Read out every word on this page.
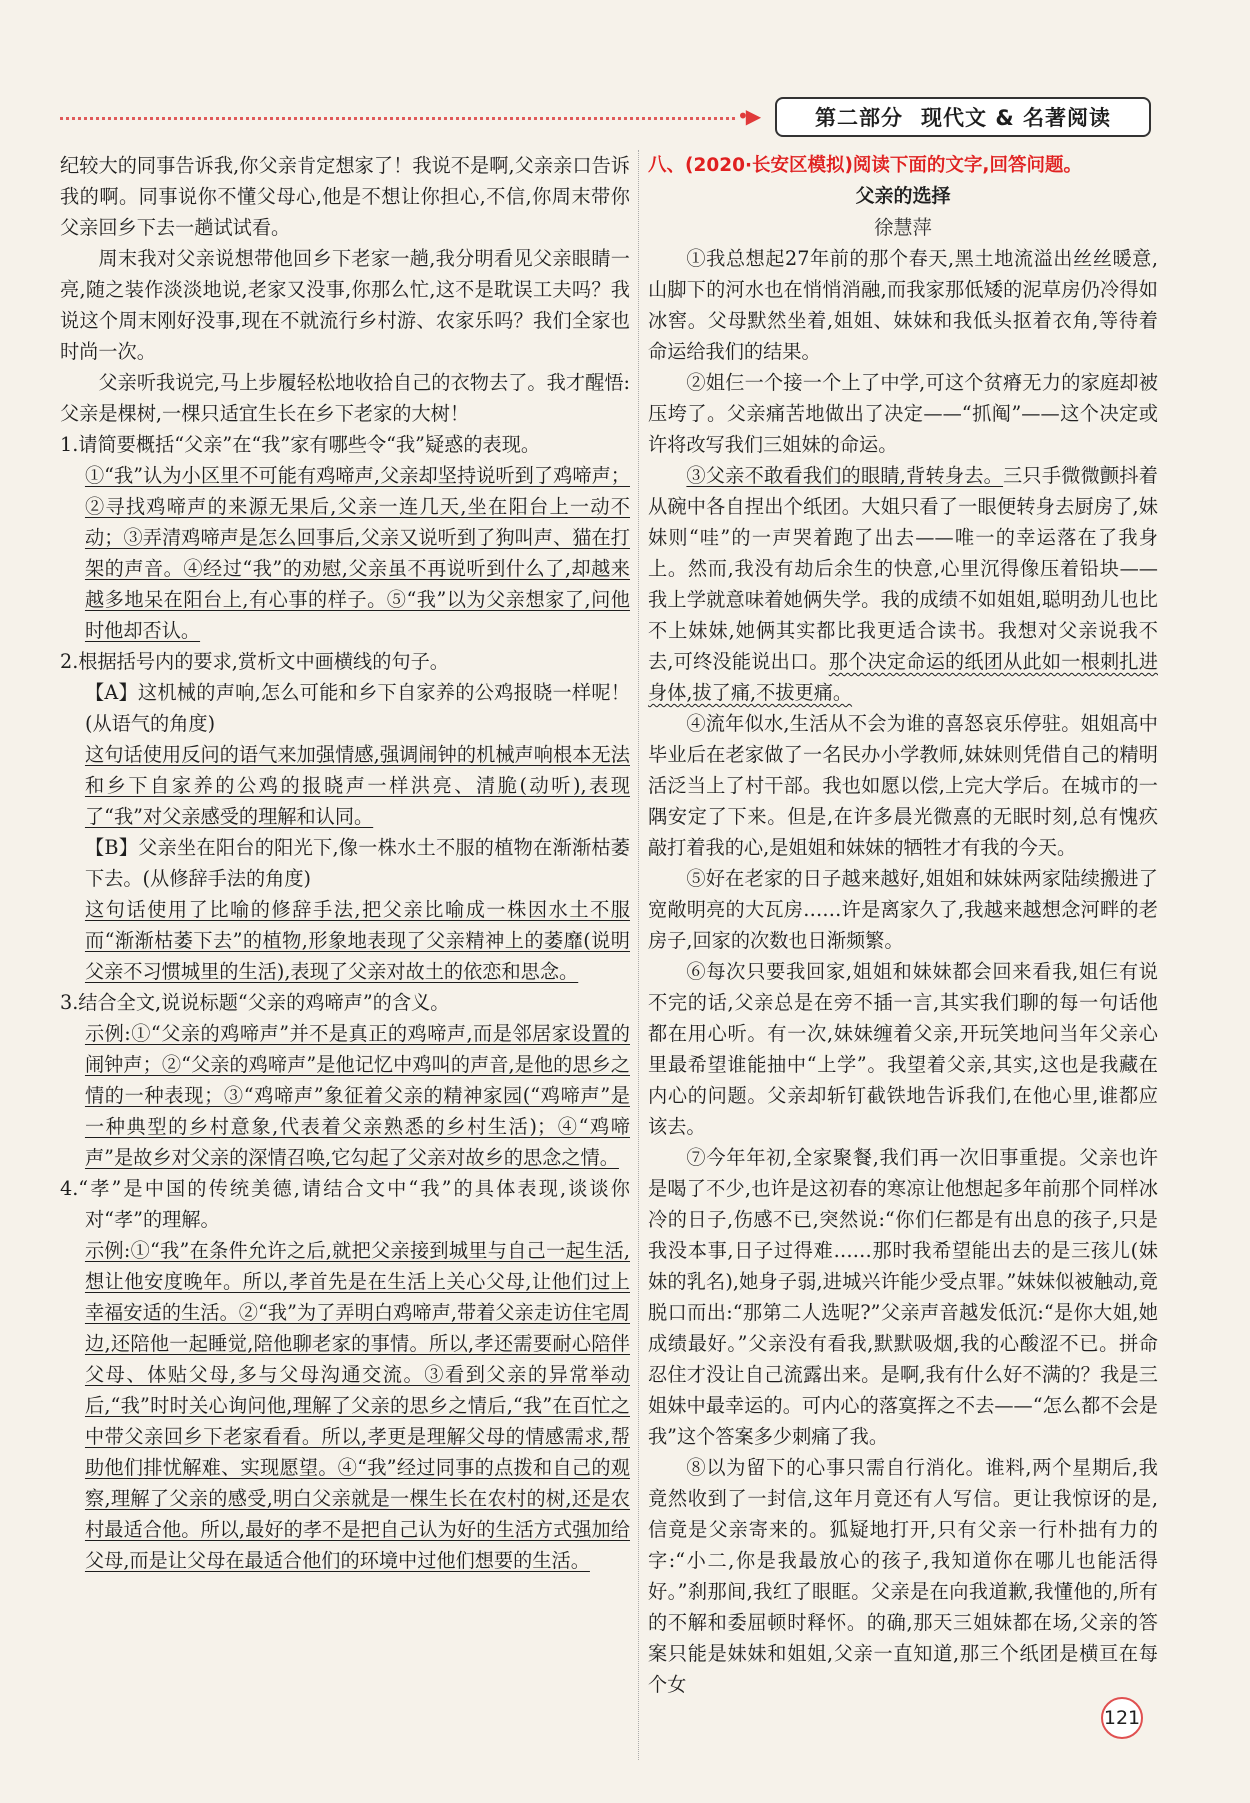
•▶	第二部分 现代文 & 名著阅读

纪较大的同事告诉我,你父亲肯定想家了！我说不是啊,父亲亲口告诉我的啊。同事说你不懂父母心,他是不想让你担心,不信,你周末带你父亲回乡下去一趟试试看。

周末我对父亲说想带他回乡下老家一趟,我分明看见父亲眼睛一亮,随之装作淡淡地说,老家又没事,你那么忙,这不是耽误工夫吗？我说这个周末刚好没事,现在不就流行乡村游、农家乐吗？我们全家也时尚一次。

父亲听我说完,马上步履轻松地收拾自己的衣物去了。我才醒悟:父亲是棵树,一棵只适宜生长在乡下老家的大树！

1.请简要概括“父亲”在“我”家有哪些令“我”疑惑的表现。

①“我”认为小区里不可能有鸡啼声,父亲却坚持说听到了鸡啼声；②寻找鸡啼声的来源无果后,父亲一连几天,坐在阳台上一动不动；③弄清鸡啼声是怎么回事后,父亲又说听到了狗叫声、猫在打架的声音。④经过“我”的劝慰,父亲虽不再说听到什么了,却越来越多地呆在阳台上,有心事的样子。⑤“我”以为父亲想家了,问他时他却否认。

2.根据括号内的要求,赏析文中画横线的句子。

【A】这机械的声响,怎么可能和乡下自家养的公鸡报晓一样呢！(从语气的角度)

这句话使用反问的语气来加强情感,强调闹钟的机械声响根本无法和乡下自家养的公鸡的报晓声一样洪亮、清脆(动听),表现了“我”对父亲感受的理解和认同。

【B】父亲坐在阳台的阳光下,像一株水土不服的植物在渐渐枯萎下去。(从修辞手法的角度)

这句话使用了比喻的修辞手法,把父亲比喻成一株因水土不服而“渐渐枯萎下去”的植物,形象地表现了父亲精神上的萎靡(说明父亲不习惯城里的生活),表现了父亲对故土的依恋和思念。

3.结合全文,说说标题“父亲的鸡啼声”的含义。

示例:①“父亲的鸡啼声”并不是真正的鸡啼声,而是邻居家设置的闹钟声；②“父亲的鸡啼声”是他记忆中鸡叫的声音,是他的思乡之情的一种表现；③“鸡啼声”象征着父亲的精神家园(“鸡啼声”是一种典型的乡村意象,代表着父亲熟悉的乡村生活)；④“鸡啼声”是故乡对父亲的深情召唤,它勾起了父亲对故乡的思念之情。

4.“孝”是中国的传统美德,请结合文中“我”的具体表现,谈谈你对“孝”的理解。

示例:①“我”在条件允许之后,就把父亲接到城里与自己一起生活,想让他安度晚年。所以,孝首先是在生活上关心父母,让他们过上幸福安适的生活。②“我”为了弄明白鸡啼声,带着父亲走访住宅周边,还陪他一起睡觉,陪他聊老家的事情。所以,孝还需要耐心陪伴父母、体贴父母,多与父母沟通交流。③看到父亲的异常举动后,“我”时时关心询问他,理解了父亲的思乡之情后,“我”在百忙之中带父亲回乡下老家看看。所以,孝更是理解父母的情感需求,帮助他们排忧解难、实现愿望。④“我”经过同事的点拨和自己的观察,理解了父亲的感受,明白父亲就是一棵生长在农村的树,还是农村最适合他。所以,最好的孝不是把自己认为好的生活方式强加给父母,而是让父母在最适合他们的环境中过他们想要的生活。

八、(2020·长安区模拟)阅读下面的文字,回答问题。

父亲的选择

徐慧萍

①我总想起27年前的那个春天,黑土地流溢出丝丝暖意,山脚下的河水也在悄悄消融,而我家那低矮的泥草房仍冷得如冰窖。父母默然坐着,姐姐、妹妹和我低头抠着衣角,等待着命运给我们的结果。

②姐仨一个接一个上了中学,可这个贫瘠无力的家庭却被压垮了。父亲痛苦地做出了决定——“抓阄”——这个决定或许将改写我们三姐妹的命运。

③父亲不敢看我们的眼睛,背转身去。三只手微微颤抖着从碗中各自捏出个纸团。大姐只看了一眼便转身去厨房了,妹妹则“哇”的一声哭着跑了出去——唯一的幸运落在了我身上。然而,我没有劫后余生的快意,心里沉得像压着铅块——我上学就意味着她俩失学。我的成绩不如姐姐,聪明劲儿也比不上妹妹,她俩其实都比我更适合读书。我想对父亲说我不去,可终没能说出口。那个决定命运的纸团从此如一根刺扎进身体,拔了痛,不拔更痛。

④流年似水,生活从不会为谁的喜怒哀乐停驻。姐姐高中毕业后在老家做了一名民办小学教师,妹妹则凭借自己的精明活泛当上了村干部。我也如愿以偿,上完大学后。在城市的一隅安定了下来。但是,在许多晨光微熹的无眠时刻,总有愧疚敲打着我的心,是姐姐和妹妹的牺牲才有我的今天。

⑤好在老家的日子越来越好,姐姐和妹妹两家陆续搬进了宽敞明亮的大瓦房……许是离家久了,我越来越想念河畔的老房子,回家的次数也日渐频繁。

⑥每次只要我回家,姐姐和妹妹都会回来看我,姐仨有说不完的话,父亲总是在旁不插一言,其实我们聊的每一句话他都在用心听。有一次,妹妹缠着父亲,开玩笑地问当年父亲心里最希望谁能抽中“上学”。我望着父亲,其实,这也是我藏在内心的问题。父亲却斩钉截铁地告诉我们,在他心里,谁都应该去。

⑦今年年初,全家聚餐,我们再一次旧事重提。父亲也许是喝了不少,也许是这初春的寒凉让他想起多年前那个同样冰冷的日子,伤感不已,突然说:“你们仨都是有出息的孩子,只是我没本事,日子过得难……那时我希望能出去的是三孩儿(妹妹的乳名),她身子弱,进城兴许能少受点罪。”妹妹似被触动,竟脱口而出:“那第二人选呢?”父亲声音越发低沉:“是你大姐,她成绩最好。”父亲没有看我,默默吸烟,我的心酸涩不已。拼命忍住才没让自己流露出来。是啊,我有什么好不满的？我是三姐妹中最幸运的。可内心的落寞挥之不去——“怎么都不会是我”这个答案多少刺痛了我。

⑧以为留下的心事只需自行消化。谁料,两个星期后,我竟然收到了一封信,这年月竟还有人写信。更让我惊讶的是,信竟是父亲寄来的。狐疑地打开,只有父亲一行朴拙有力的字:“小二,你是我最放心的孩子,我知道你在哪儿也能活得好。”刹那间,我红了眼眶。父亲是在向我道歉,我懂他的,所有的不解和委屈顿时释怀。的确,那天三姐妹都在场,父亲的答案只能是妹妹和姐姐,父亲一直知道,那三个纸团是横亘在每个女

121
